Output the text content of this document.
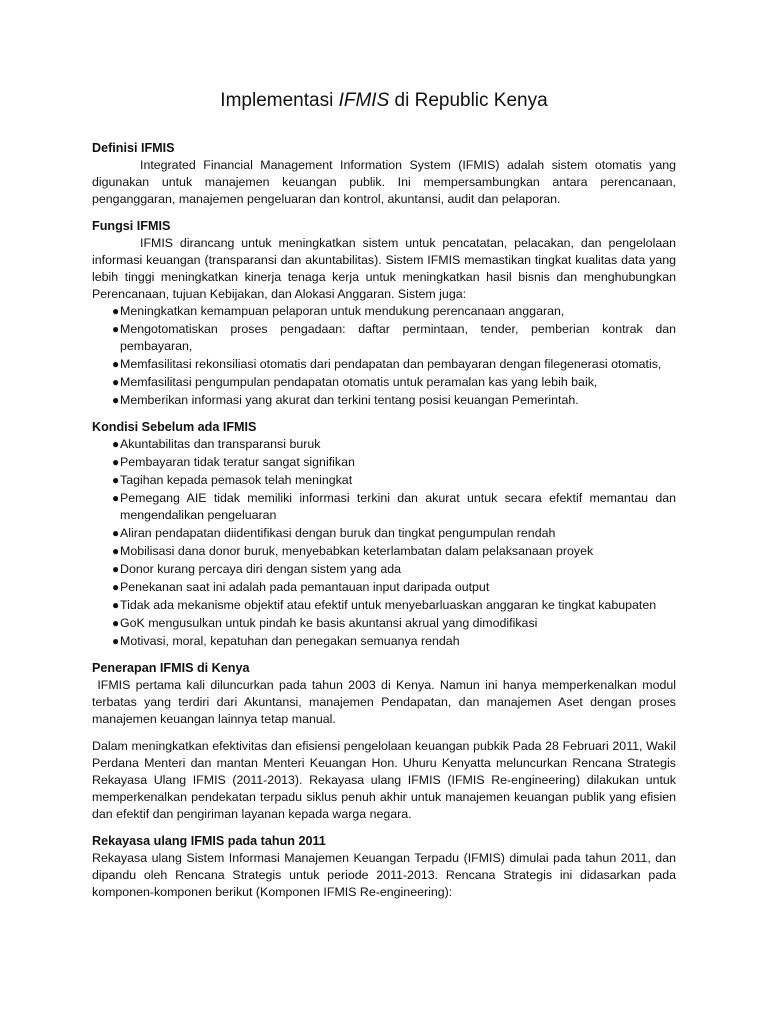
Implementasi IFMIS di Republic Kenya

Definisi IFMIS

Integrated Financial Management Information System (IFMIS) adalah sistem otomatis yang digunakan untuk manajemen keuangan publik. Ini mempersambungkan antara perencanaan, penganggaran, manajemen pengeluaran dan kontrol, akuntansi, audit dan pelaporan.

Fungsi IFMIS

IFMIS dirancang untuk meningkatkan sistem untuk pencatatan, pelacakan, dan pengelolaan informasi keuangan (transparansi dan akuntabilitas). Sistem IFMIS memastikan tingkat kualitas data yang lebih tinggi meningkatkan kinerja tenaga kerja untuk meningkatkan hasil bisnis dan menghubungkan Perencanaan, tujuan Kebijakan, dan Alokasi Anggaran. Sistem juga:

● Meningkatkan kemampuan pelaporan untuk mendukung perencanaan anggaran,
● Mengotomatiskan proses pengadaan: daftar permintaan, tender, pemberian kontrak dan pembayaran,
● Memfasilitasi rekonsiliasi otomatis dari pendapatan dan pembayaran dengan filegenerasi otomatis,
● Memfasilitasi pengumpulan pendapatan otomatis untuk peramalan kas yang lebih baik,
● Memberikan informasi yang akurat dan terkini tentang posisi keuangan Pemerintah.

Kondisi Sebelum ada IFMIS

● Akuntabilitas dan transparansi buruk
● Pembayaran tidak teratur sangat signifikan
● Tagihan kepada pemasok telah meningkat
● Pemegang AIE tidak memiliki informasi terkini dan akurat untuk secara efektif memantau dan mengendalikan pengeluaran
● Aliran pendapatan diidentifikasi dengan buruk dan tingkat pengumpulan rendah
● Mobilisasi dana donor buruk, menyebabkan keterlambatan dalam pelaksanaan proyek
● Donor kurang percaya diri dengan sistem yang ada
● Penekanan saat ini adalah pada pemantauan input daripada output
● Tidak ada mekanisme objektif atau efektif untuk menyebarluaskan anggaran ke tingkat kabupaten
● GoK mengusulkan untuk pindah ke basis akuntansi akrual yang dimodifikasi
● Motivasi, moral, kepatuhan dan penegakan semuanya rendah

Penerapan IFMIS di Kenya

IFMIS pertama kali diluncurkan pada tahun 2003 di Kenya. Namun ini hanya memperkenalkan modul terbatas yang terdiri dari Akuntansi, manajemen Pendapatan, dan manajemen Aset dengan proses manajemen keuangan lainnya tetap manual.

Dalam meningkatkan efektivitas dan efisiensi pengelolaan keuangan pubkik Pada 28 Februari 2011, Wakil Perdana Menteri dan mantan Menteri Keuangan Hon. Uhuru Kenyatta meluncurkan Rencana Strategis Rekayasa Ulang IFMIS (2011-2013). Rekayasa ulang IFMIS (IFMIS Re-engineering) dilakukan untuk memperkenalkan pendekatan terpadu siklus penuh akhir untuk manajemen keuangan publik yang efisien dan efektif dan pengiriman layanan kepada warga negara.

Rekayasa ulang IFMIS pada tahun 2011

Rekayasa ulang Sistem Informasi Manajemen Keuangan Terpadu (IFMIS) dimulai pada tahun 2011, dan dipandu oleh Rencana Strategis untuk periode 2011-2013. Rencana Strategis ini didasarkan pada komponen-komponen berikut (Komponen IFMIS Re-engineering):
